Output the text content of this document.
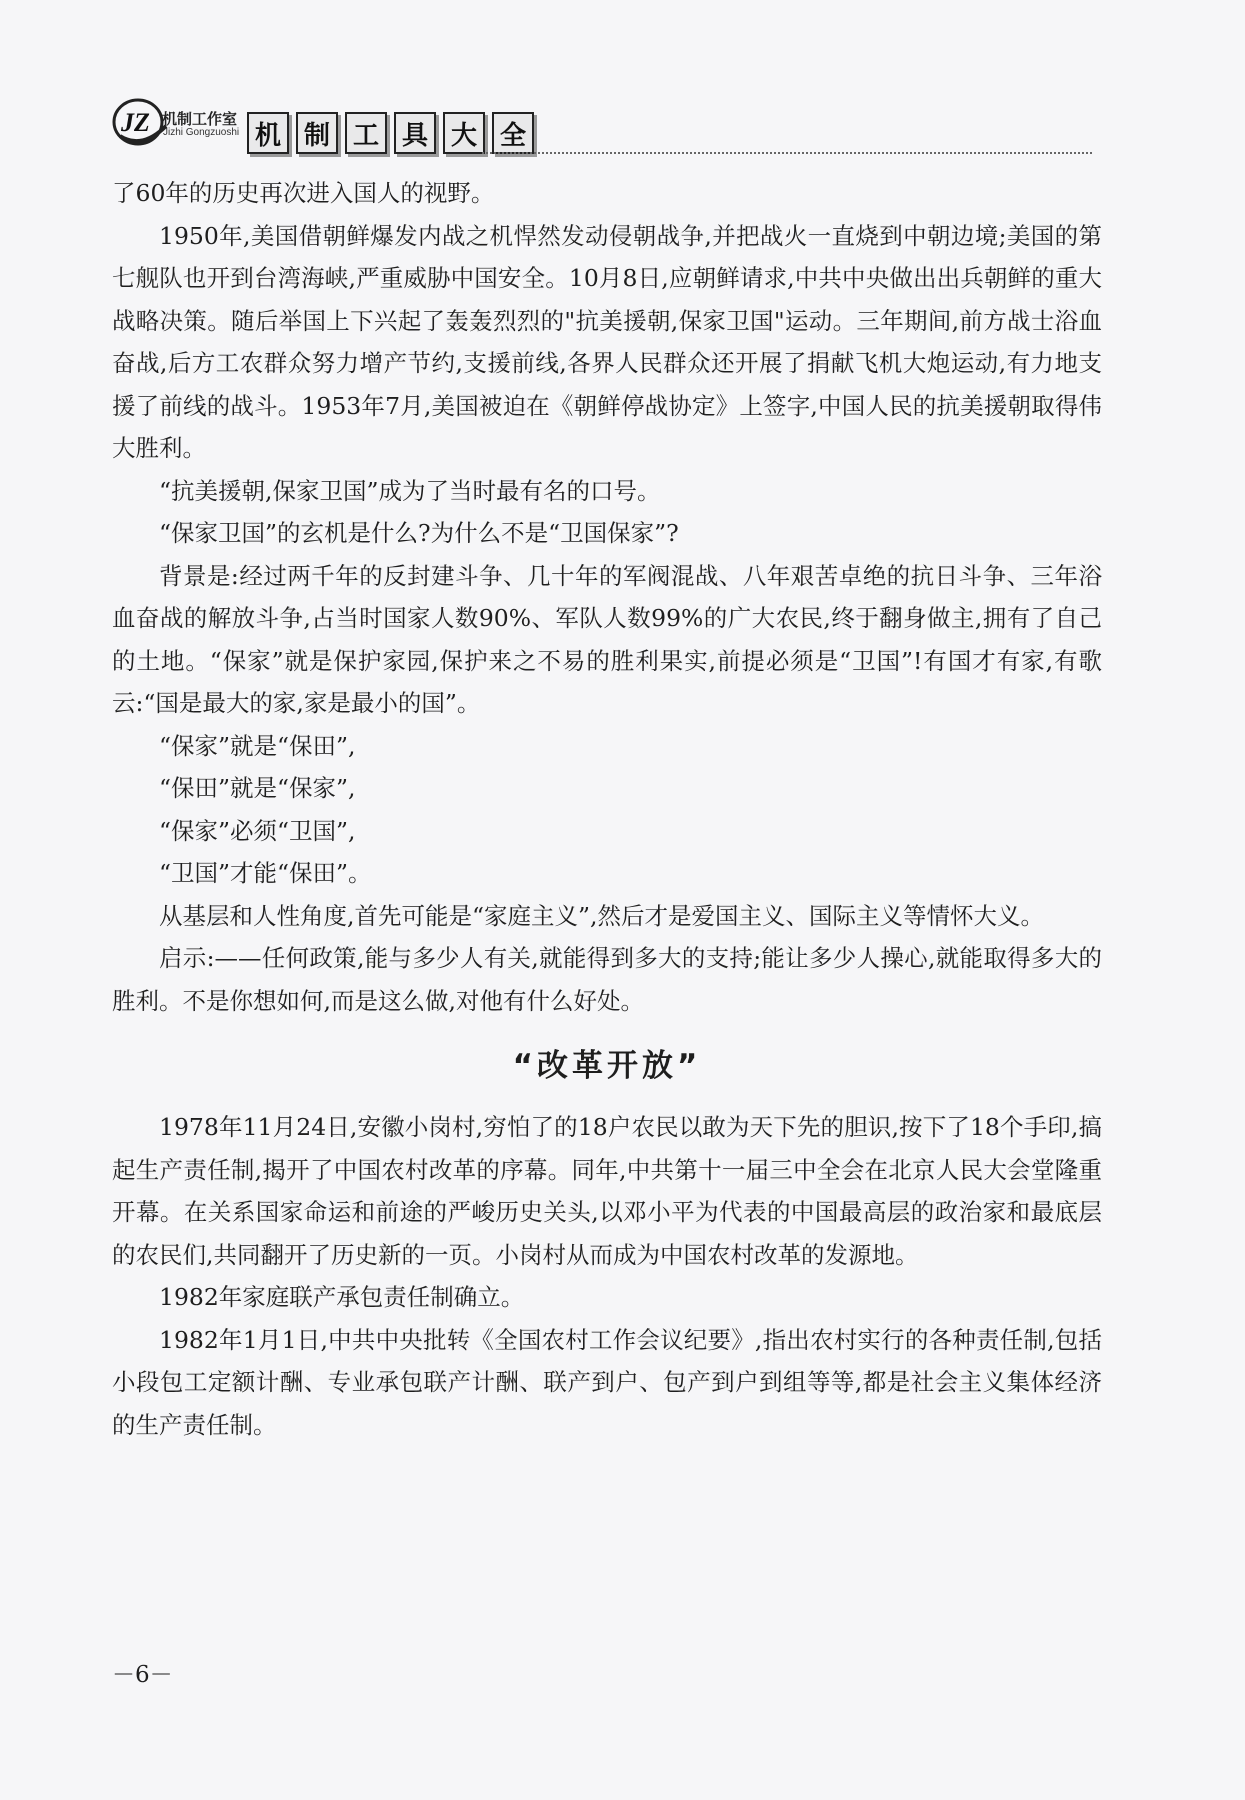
JZ 机制工作室
Jizhi Gongzuoshi 机 制 工 具 大 全

了60年的历史再次进入国人的视野。

1950年,美国借朝鲜爆发内战之机悍然发动侵朝战争,并把战火一直烧到中朝边境;美国的第七舰队也开到台湾海峡,严重威胁中国安全。10月8日,应朝鲜请求,中共中央做出出兵朝鲜的重大战略决策。随后举国上下兴起了轰轰烈烈的"抗美援朝,保家卫国"运动。三年期间,前方战士浴血奋战,后方工农群众努力增产节约,支援前线,各界人民群众还开展了捐献飞机大炮运动,有力地支援了前线的战斗。1953年7月,美国被迫在《朝鲜停战协定》上签字,中国人民的抗美援朝取得伟大胜利。

“抗美援朝,保家卫国”成为了当时最有名的口号。

“保家卫国”的玄机是什么?为什么不是“卫国保家”?

背景是:经过两千年的反封建斗争、几十年的军阀混战、八年艰苦卓绝的抗日斗争、三年浴血奋战的解放斗争,占当时国家人数90%、军队人数99%的广大农民,终于翻身做主,拥有了自己的土地。“保家”就是保护家园,保护来之不易的胜利果实,前提必须是“卫国”!有国才有家,有歌云:“国是最大的家,家是最小的国”。

“保家”就是“保田”,

“保田”就是“保家”,

“保家”必须“卫国”,

“卫国”才能“保田”。

从基层和人性角度,首先可能是“家庭主义”,然后才是爱国主义、国际主义等情怀大义。

启示:——任何政策,能与多少人有关,就能得到多大的支持;能让多少人操心,就能取得多大的胜利。不是你想如何,而是这么做,对他有什么好处。

“改革开放”

1978年11月24日,安徽小岗村,穷怕了的18户农民以敢为天下先的胆识,按下了18个手印,搞起生产责任制,揭开了中国农村改革的序幕。同年,中共第十一届三中全会在北京人民大会堂隆重开幕。在关系国家命运和前途的严峻历史关头,以邓小平为代表的中国最高层的政治家和最底层的农民们,共同翻开了历史新的一页。小岗村从而成为中国农村改革的发源地。

1982年家庭联产承包责任制确立。

1982年1月1日,中共中央批转《全国农村工作会议纪要》,指出农村实行的各种责任制,包括小段包工定额计酬、专业承包联产计酬、联产到户、包产到户到组等等,都是社会主义集体经济的生产责任制。

－6－
